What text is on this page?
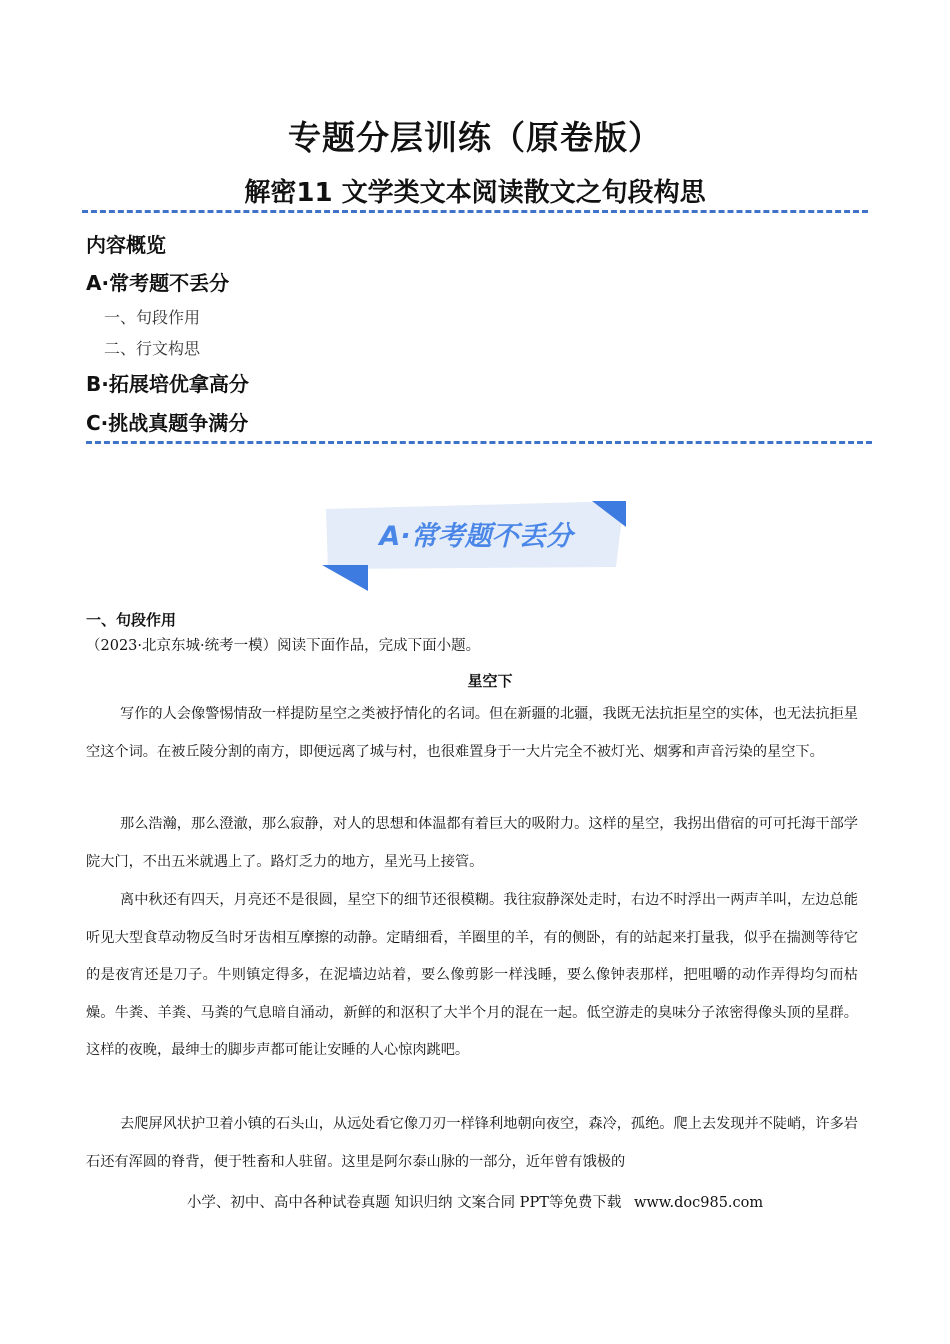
专题分层训练（原卷版）
解密11 文学类文本阅读散文之句段构思
内容概览
A·常考题不丢分
一、句段作用
二、行文构思
B·拓展培优拿高分
C·挑战真题争满分
A·常考题不丢分
一、句段作用
（2023·北京东城·统考一模）阅读下面作品，完成下面小题。
星空下

写作的人会像警惕情敌一样提防星空之类被抒情化的名词。但在新疆的北疆，我既无法抗拒星空的实体，也无法抗拒星空这个词。在被丘陵分割的南方，即便远离了城与村，也很难置身于一大片完全不被灯光、烟雾和声音污染的星空下。

那么浩瀚，那么澄澈，那么寂静，对人的思想和体温都有着巨大的吸附力。这样的星空，我拐出借宿的可可托海干部学院大门，不出五米就遇上了。路灯乏力的地方，星光马上接管。

离中秋还有四天，月亮还不是很圆，星空下的细节还很模糊。我往寂静深处走时，右边不时浮出一两声羊叫，左边总能听见大型食草动物反刍时牙齿相互摩擦的动静。定睛细看，羊圈里的羊，有的侧卧，有的站起来打量我，似乎在揣测等待它的是夜宵还是刀子。牛则镇定得多，在泥墙边站着，要么像剪影一样浅睡，要么像钟表那样，把咀嚼的动作弄得均匀而枯燥。牛粪、羊粪、马粪的气息暗自涌动，新鲜的和沤积了大半个月的混在一起。低空游走的臭味分子浓密得像头顶的星群。这样的夜晚，最绅士的脚步声都可能让安睡的人心惊肉跳吧。

去爬屏风状护卫着小镇的石头山，从远处看它像刀刃一样锋利地朝向夜空，森冷，孤绝。爬上去发现并不陡峭，许多岩石还有浑圆的脊背，便于牲畜和人驻留。这里是阿尔泰山脉的一部分，近年曾有饿极的

小学、初中、高中各种试卷真题 知识归纳 文案合同 PPT等免费下载 www.doc985.com
